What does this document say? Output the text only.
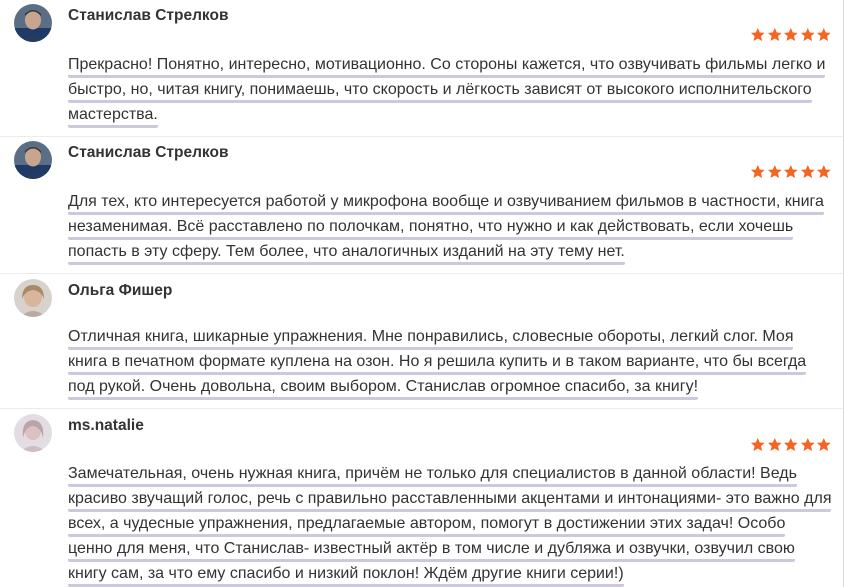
Станислав Стрелков
Прекрасно! Понятно, интересно, мотивационно. Со стороны кажется, что озвучивать фильмы легко и
быстро, но, читая книгу, понимаешь, что скорость и лёгкость зависят от высокого исполнительского
мастерства.
Станислав Стрелков
Для тех, кто интересуется работой у микрофона вообще и озвучиванием фильмов в частности, книга
незаменимая. Всё расставлено по полочкам, понятно, что нужно и как действовать, если хочешь
попасть в эту сферу. Тем более, что аналогичных изданий на эту тему нет.
Ольга Фишер
Отличная книга, шикарные упражнения. Мне понравились, словесные обороты, легкий слог. Моя
книга в печатном формате куплена на озон. Но я решила купить и в таком варианте, что бы всегда
под рукой. Очень довольна, своим выбором. Станислав огромное спасибо, за книгу!
ms.natalie
Замечательная, очень нужная книга, причём не только для специалистов в данной области! Ведь
красиво звучащий голос, речь с правильно расставленными акцентами и интонациями- это важно для
всех, а чудесные упражнения, предлагаемые автором, помогут в достижении этих задач! Особо
ценно для меня, что Станислав- известный актёр в том числе и дубляжа и озвучки, озвучил свою
книгу сам, за что ему спасибо и низкий поклон! Ждём другие книги серии!)
